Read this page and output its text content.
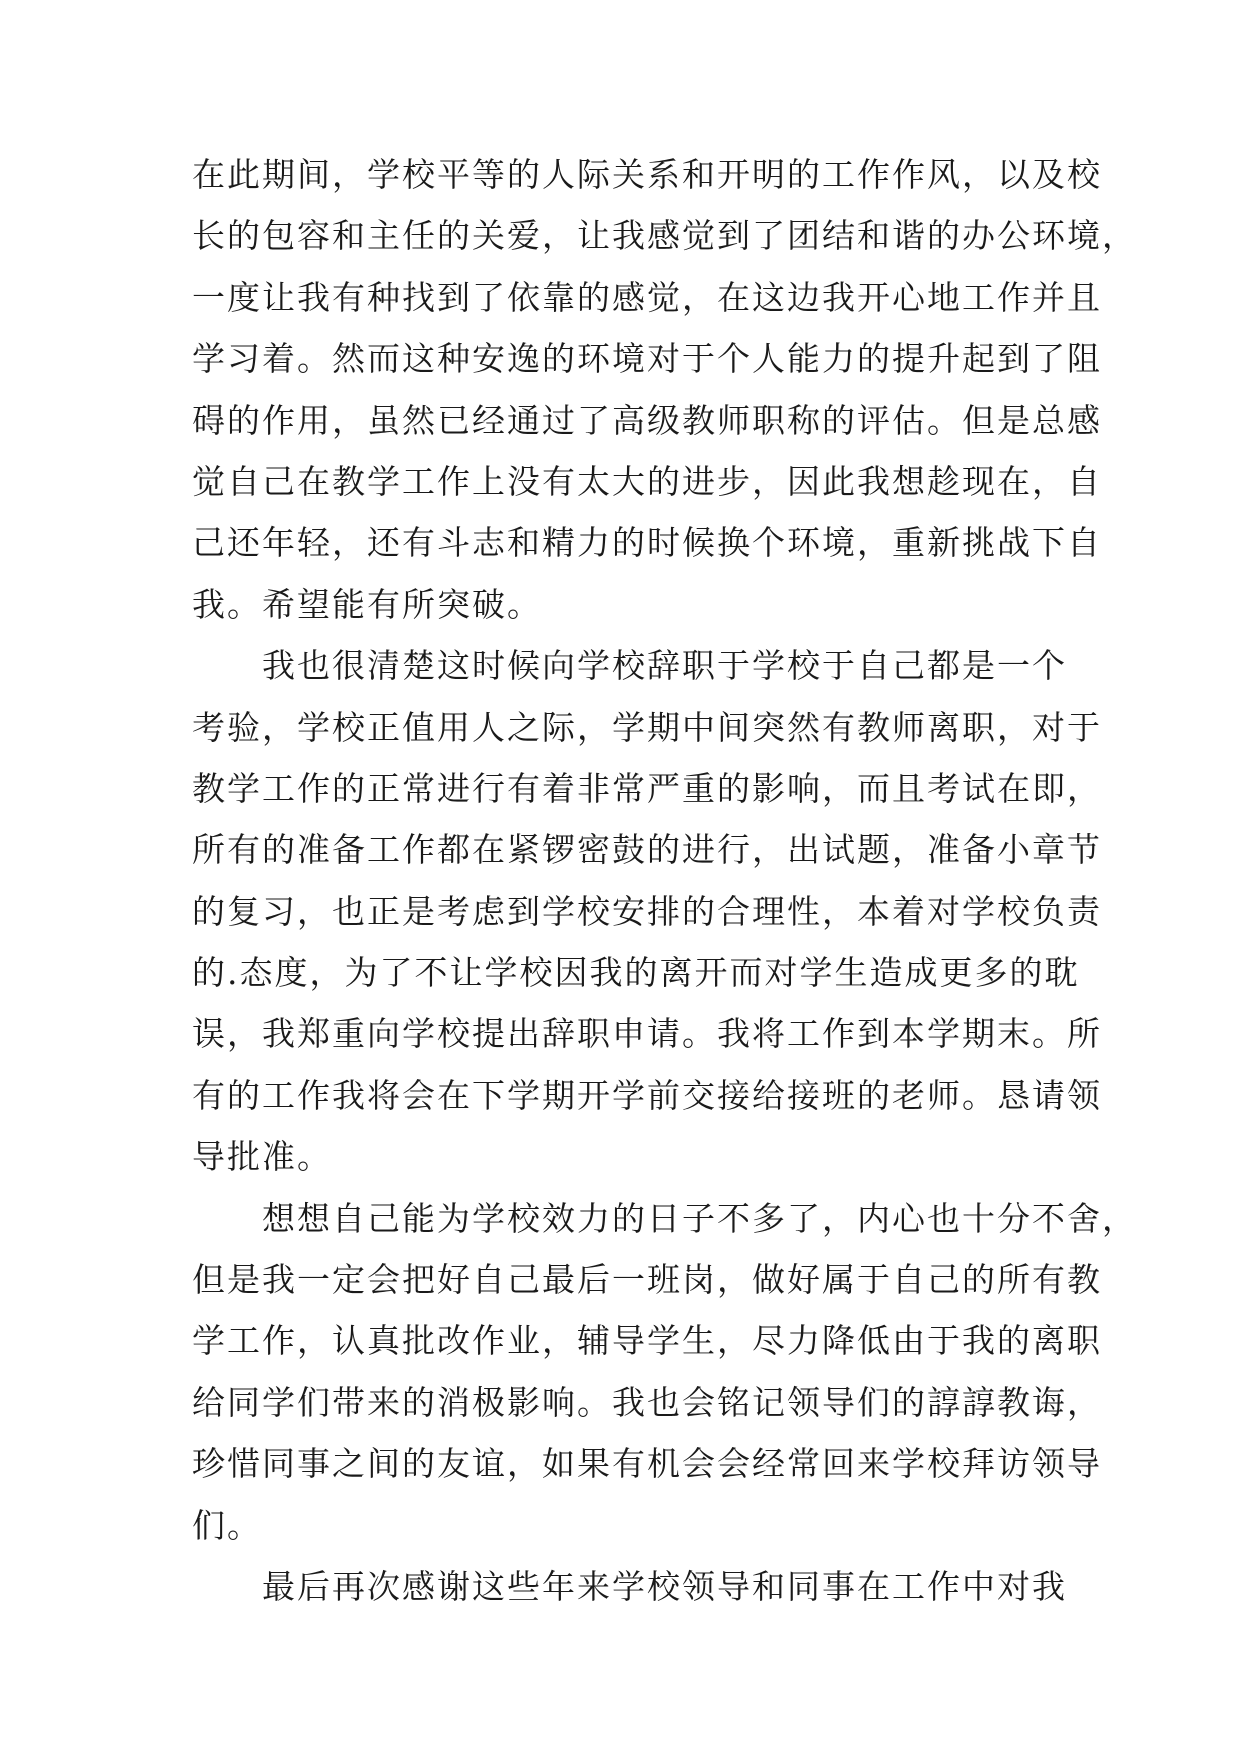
在此期间，学校平等的人际关系和开明的工作作风，以及校
长的包容和主任的关爱，让我感觉到了团结和谐的办公环境，
一度让我有种找到了依靠的感觉，在这边我开心地工作并且
学习着。然而这种安逸的环境对于个人能力的提升起到了阻
碍的作用，虽然已经通过了高级教师职称的评估。但是总感
觉自己在教学工作上没有太大的进步，因此我想趁现在，自
己还年轻，还有斗志和精力的时候换个环境，重新挑战下自
我。希望能有所突破。
　　我也很清楚这时候向学校辞职于学校于自己都是一个
考验，学校正值用人之际，学期中间突然有教师离职，对于
教学工作的正常进行有着非常严重的影响，而且考试在即，
所有的准备工作都在紧锣密鼓的进行，出试题，准备小章节
的复习，也正是考虑到学校安排的合理性，本着对学校负责
的.态度，为了不让学校因我的离开而对学生造成更多的耽
误，我郑重向学校提出辞职申请。我将工作到本学期末。所
有的工作我将会在下学期开学前交接给接班的老师。恳请领
导批准。
　　想想自己能为学校效力的日子不多了，内心也十分不舍，
但是我一定会把好自己最后一班岗，做好属于自己的所有教
学工作，认真批改作业，辅导学生，尽力降低由于我的离职
给同学们带来的消极影响。我也会铭记领导们的諄諄教诲，
珍惜同事之间的友谊，如果有机会会经常回来学校拜访领导
们。
　　最后再次感谢这些年来学校领导和同事在工作中对我
